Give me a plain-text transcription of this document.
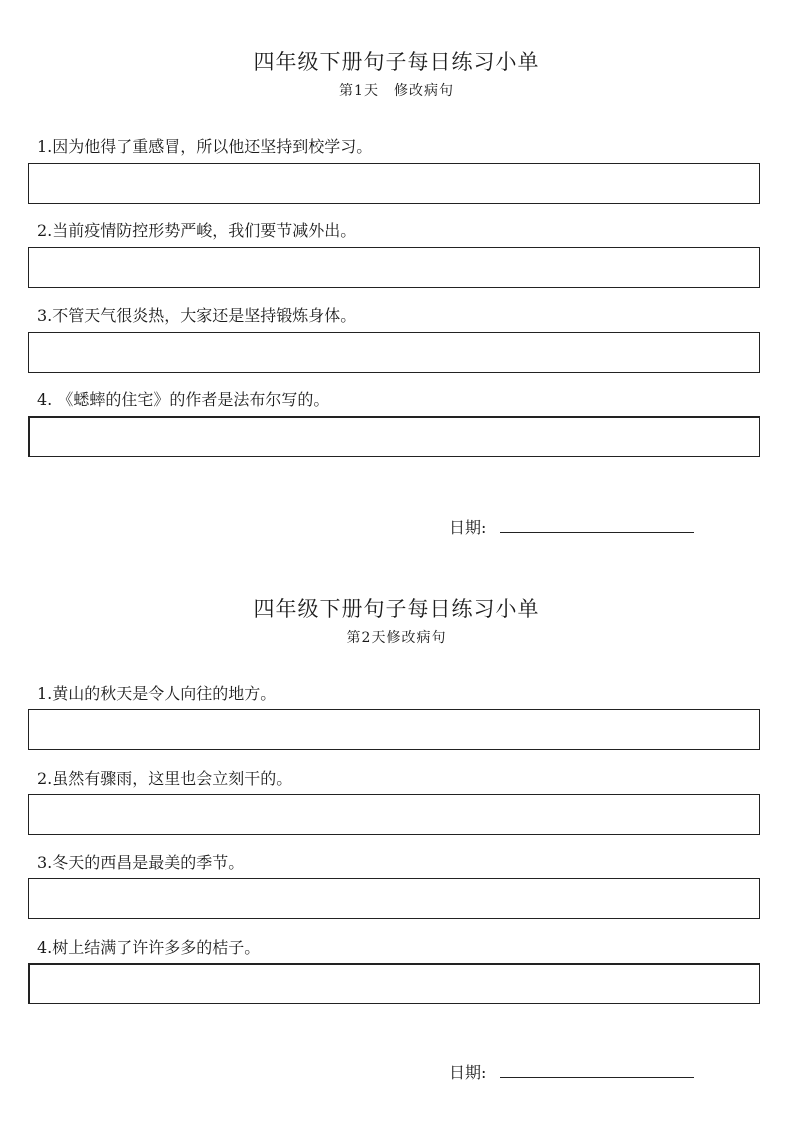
四年级下册句子每日练习小单
第1天　修改病句
1.因为他得了重感冒，所以他还坚持到校学习。
2.当前疫情防控形势严峻，我们要节减外出。
3.不管天气很炎热，大家还是坚持锻炼身体。
4. 《蟋蟀的住宅》的作者是法布尔写的。
日期:
四年级下册句子每日练习小单
第2天修改病句
1.黄山的秋天是令人向往的地方。
2.虽然有骤雨，这里也会立刻干的。
3.冬天的西昌是最美的季节。
4.树上结满了许许多多的桔子。
日期:
